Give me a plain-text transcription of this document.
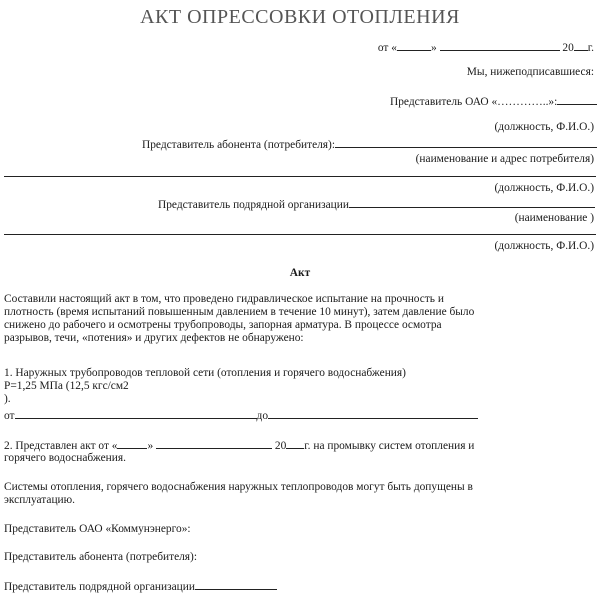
АКТ ОПРЕССОВКИ ОТОПЛЕНИЯ
от «	»	20 г.
Мы, нижеподписавшиеся:
Представитель ОАО «…………..»:
(должность, Ф.И.О.)
Представитель абонента (потребителя):
(наименование и адрес потребителя)
(должность, Ф.И.О.)
Представитель подрядной организации
(наименование )
(должность, Ф.И.О.)
Акт
Составили настоящий акт в том, что проведено гидравлическое испытание на прочность и плотность (время испытаний повышенным давлением в течение 10 минут), затем давление было снижено до рабочего и осмотрены трубопроводы, запорная арматура. В процессе осмотра разрывов, течи, «потения» и других дефектов не обнаружено:
1. Наружных трубопроводов тепловой сети (отопления и горячего водоснабжения)
Р=1,25 МПа (12,5 кгс/см2
).
от	до
2. Представлен акт от «	»	20 г. на промывку систем отопления и
горячего водоснабжения.
Системы отопления, горячего водоснабжения наружных теплопроводов могут быть допущены в эксплуатацию.
Представитель ОАО «Коммунэнерго»:
Представитель абонента (потребителя):
Представитель подрядной организации
